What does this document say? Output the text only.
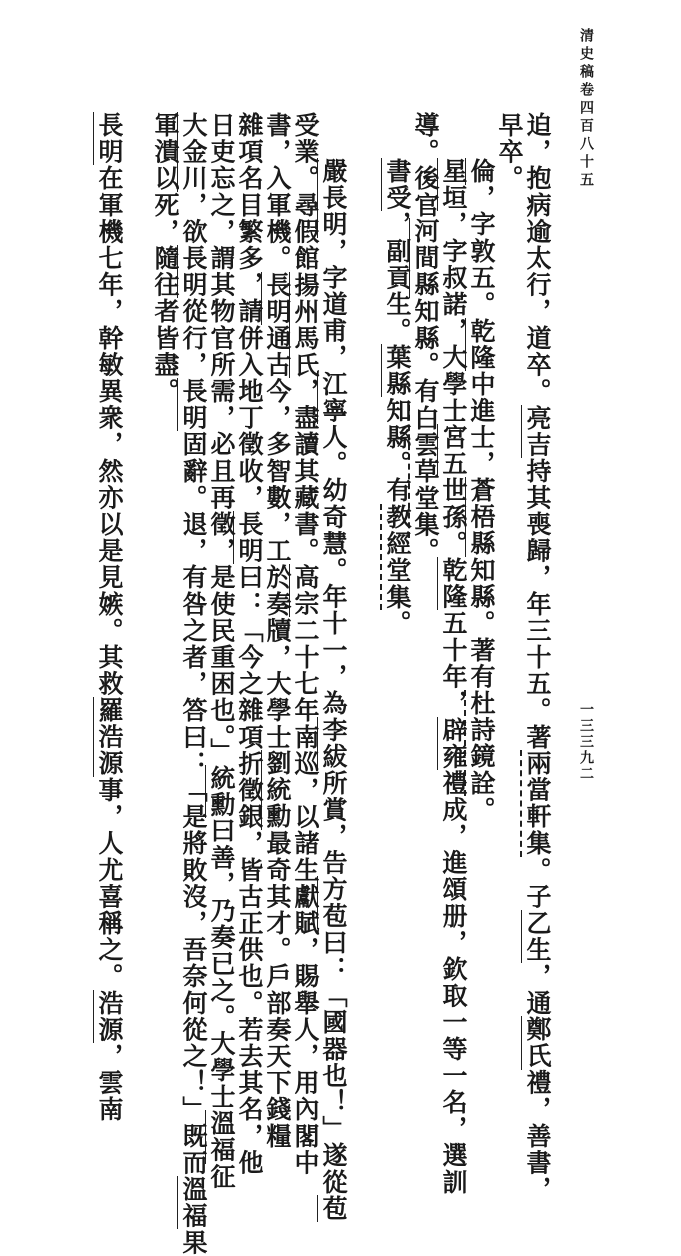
清史稿卷四百八十五
一三三九二
迫，抱病逾太行，道卒。亮吉持其喪歸，年三十五。著兩當軒集。子乙生，通鄭氏禮，善書，
早卒。
倫，字敦五。乾隆中進士，蒼梧縣知縣。著有杜詩鏡詮。
星垣，字叔諾，大學士宮五世孫。乾隆五十年，辟雍禮成，進頌册，欽取一等一名，選訓
導。後官河間縣知縣。有白雲草堂集。
書受，副貢生。葉縣知縣。有教經堂集。
嚴長明，字道甫，江寧人。幼奇慧。年十一，為李紱所賞，告方苞曰：「國器也！」遂從苞
受業。尋假館揚州馬氏，盡讀其藏書。高宗二十七年南巡，以諸生獻賦，賜舉人，用內閣中
書，入軍機。長明通古今，多智數，工於奏牘，大學士劉統勳最奇其才。戶部奏天下錢糧
雜項名目繁多，請併入地丁徵收，長明曰：「今之雜項折徵銀，皆古正供也。若去其名，他
日吏忘之，謂其物官所需，必且再徵，是使民重困也。」統勳曰善，乃奏已之。大學士溫福征
大金川，欲長明從行，長明固辭。退，有咎之者，答曰：「是將敗沒，吾奈何從之！」既而溫福果
軍潰以死，隨往者皆盡。
長明在軍機七年，幹敏異衆，然亦以是見嫉。其救羅浩源事，人尤喜稱之。浩源，雲南
